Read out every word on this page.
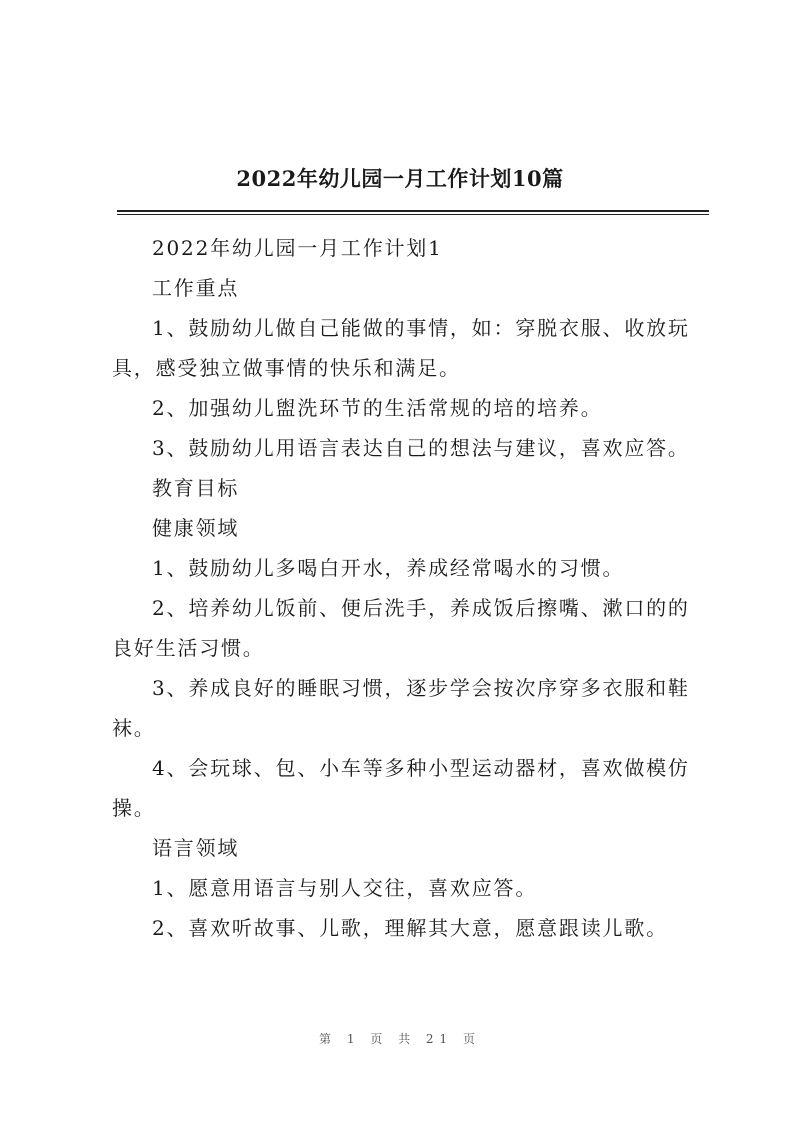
2022年幼儿园一月工作计划10篇

2022年幼儿园一月工作计划1

工作重点

1、鼓励幼儿做自己能做的事情，如：穿脱衣服、收放玩具，感受独立做事情的快乐和满足。

2、加强幼儿盥洗环节的生活常规的培的培养。

3、鼓励幼儿用语言表达自己的想法与建议，喜欢应答。

教育目标

健康领域

1、鼓励幼儿多喝白开水，养成经常喝水的习惯。

2、培养幼儿饭前、便后洗手，养成饭后擦嘴、漱口的的良好生活习惯。

3、养成良好的睡眠习惯，逐步学会按次序穿多衣服和鞋袜。

4、会玩球、包、小车等多种小型运动器材，喜欢做模仿操。

语言领域

1、愿意用语言与别人交往，喜欢应答。

2、喜欢听故事、儿歌，理解其大意，愿意跟读儿歌。

第 1 页 共 21 页
